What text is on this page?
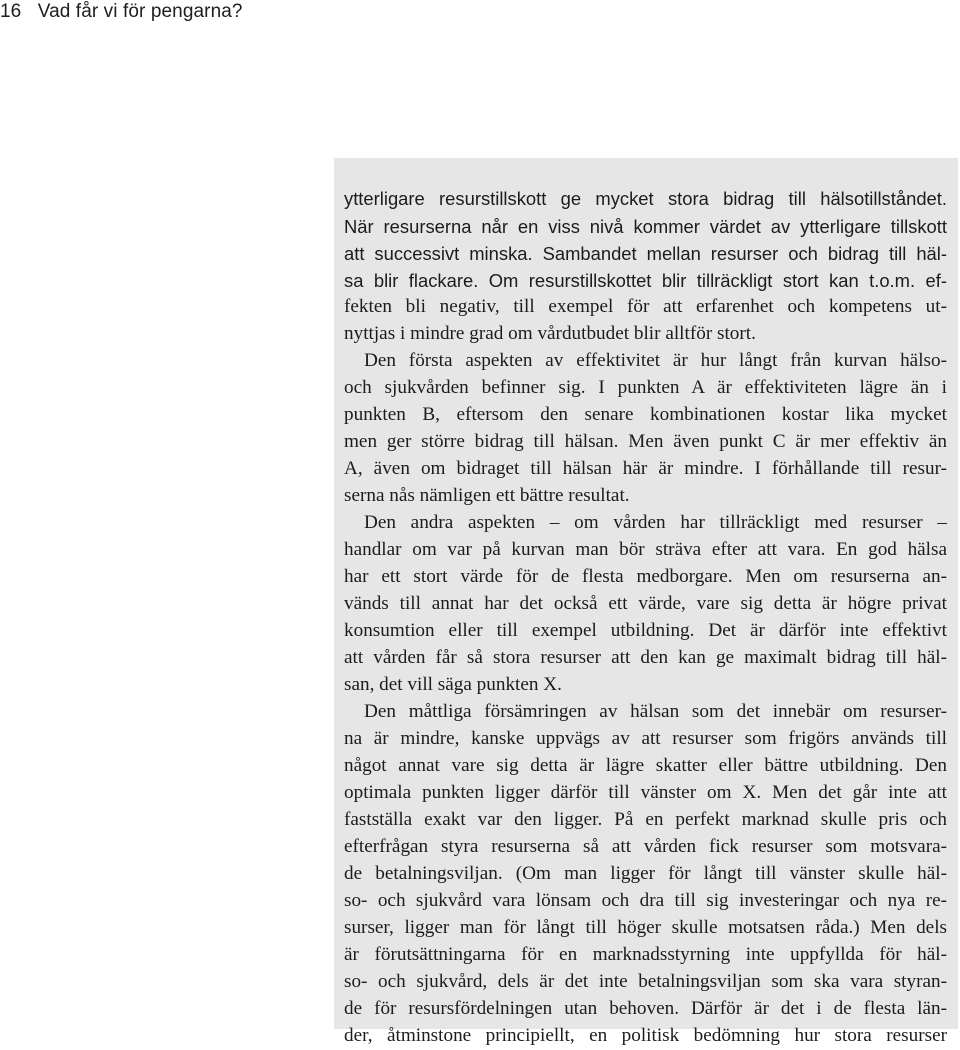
16 Vad får vi för pengarna?
ytterligare resurstillskott ge mycket stora bidrag till hälsotillståndet.
När resurserna når en viss nivå kommer värdet av ytterligare tillskott
att successivt minska. Sambandet mellan resurser och bidrag till häl-
sa blir flackare. Om resurstillskottet blir tillräckligt stort kan t.o.m. ef-
fekten bli negativ, till exempel för att erfarenhet och kompetens ut-
nyttjas i mindre grad om vårdutbudet blir alltför stort.
Den första aspekten av effektivitet är hur långt från kurvan hälso-
och sjukvården befinner sig. I punkten A är effektiviteten lägre än i
punkten B, eftersom den senare kombinationen kostar lika mycket
men ger större bidrag till hälsan. Men även punkt C är mer effektiv än
A, även om bidraget till hälsan här är mindre. I förhållande till resur-
serna nås nämligen ett bättre resultat.
Den andra aspekten – om vården har tillräckligt med resurser –
handlar om var på kurvan man bör sträva efter att vara. En god hälsa
har ett stort värde för de flesta medborgare. Men om resurserna an-
vänds till annat har det också ett värde, vare sig detta är högre privat
konsumtion eller till exempel utbildning. Det är därför inte effektivt
att vården får så stora resurser att den kan ge maximalt bidrag till häl-
san, det vill säga punkten X.
Den måttliga försämringen av hälsan som det innebär om resurser-
na är mindre, kanske uppvägs av att resurser som frigörs används till
något annat vare sig detta är lägre skatter eller bättre utbildning. Den
optimala punkten ligger därför till vänster om X. Men det går inte att
fastställa exakt var den ligger. På en perfekt marknad skulle pris och
efterfrågan styra resurserna så att vården fick resurser som motsvara-
de betalningsviljan. (Om man ligger för långt till vänster skulle häl-
so- och sjukvård vara lönsam och dra till sig investeringar och nya re-
surser, ligger man för långt till höger skulle motsatsen råda.) Men dels
är förutsättningarna för en marknadsstyrning inte uppfyllda för häl-
so- och sjukvård, dels är det inte betalningsviljan som ska vara styran-
de för resursfördelningen utan behoven. Därför är det i de flesta län-
der, åtminstone principiellt, en politisk bedömning hur stora resurser
